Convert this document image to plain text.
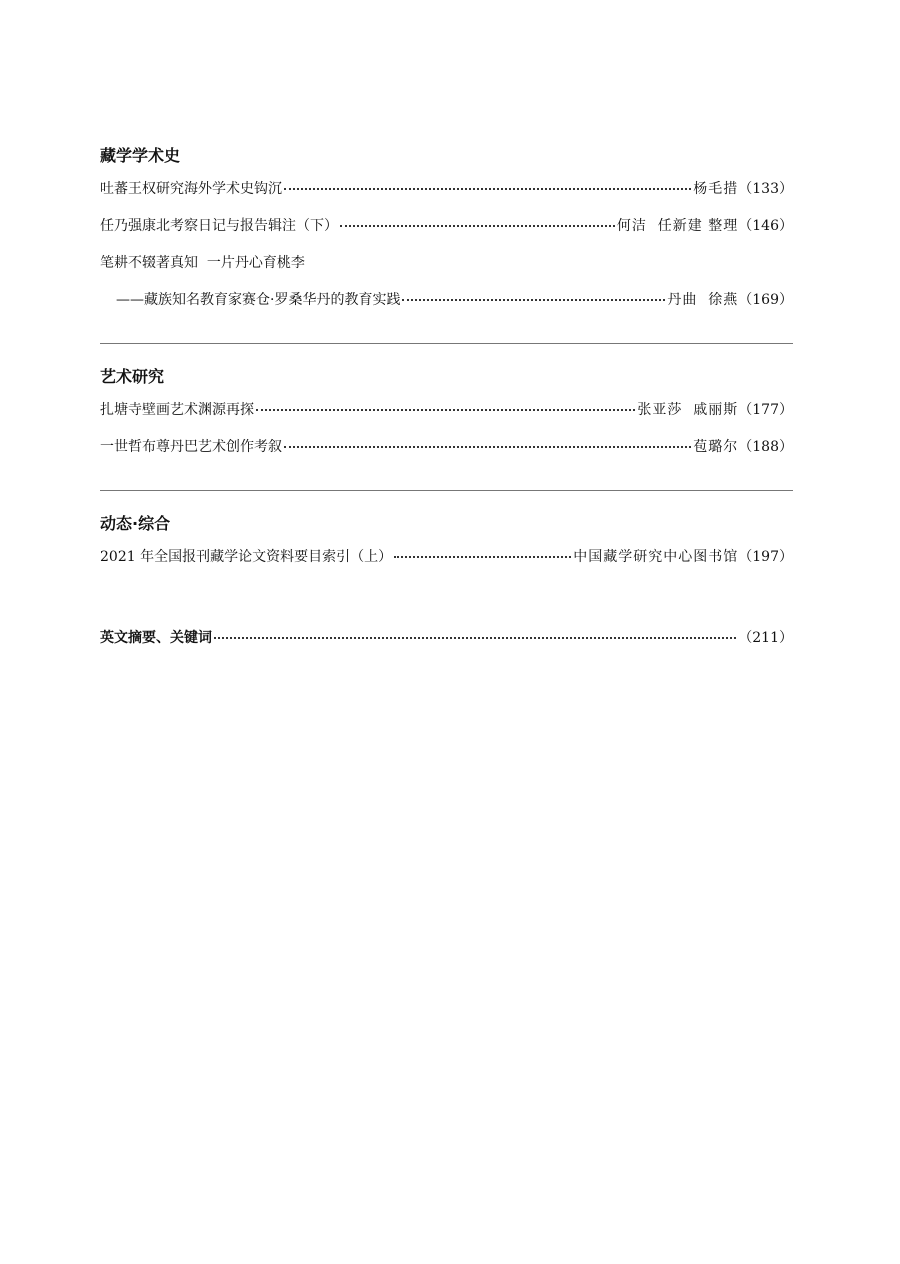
藏学学术史
吐蕃王权研究海外学术史钩沉	杨毛措 （133）
任乃强康北考察日记与报告辑注（下）	何洁  任新建 整理 （146）
笔耕不辍著真知  一片丹心育桃李
——藏族知名教育家赛仓·罗桑华丹的教育实践	丹曲  徐燕 （169）
艺术研究
扎塘寺壁画艺术渊源再探	张亚莎  戚丽斯 （177）
一世哲布尊丹巴艺术创作考叙	苞璐尔 （188）
动态·综合
2021 年全国报刊藏学论文资料要目索引（上）	中国藏学研究中心图书馆 （197）
英文摘要、关键词	（211）
